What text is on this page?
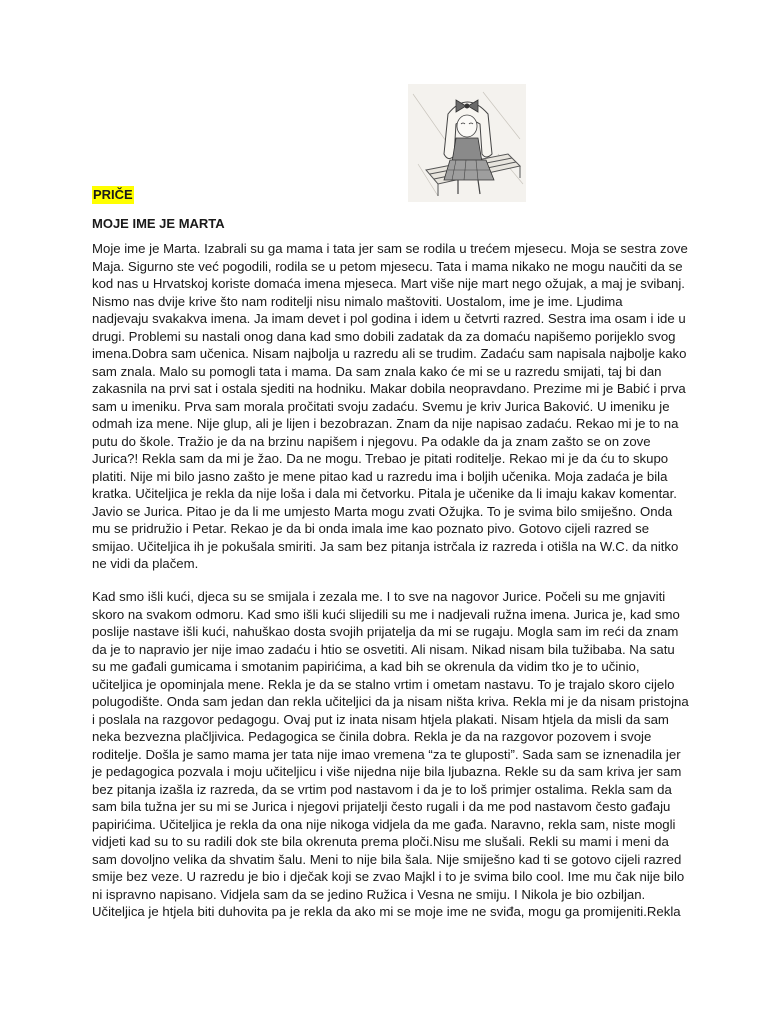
PRIČE
MOJE IME JE MARTA

Moje ime je Marta. Izabrali su ga mama i tata jer sam se rodila u trećem mjesecu. Moja se sestra zove
Maja. Sigurno ste već pogodili, rodila se u petom mjesecu. Tata i mama nikako ne mogu naučiti da se
kod nas u Hrvatskoj koriste domaća imena mjeseca. Mart više nije mart nego ožujak, a maj je svibanj.
Nismo nas dvije krive što nam roditelji nisu nimalo maštoviti. Uostalom, ime je ime. Ljudima
nadjevaju svakakva imena. Ja imam devet i pol godina i idem u četvrti razred. Sestra ima osam i ide u
drugi. Problemi su nastali onog dana kad smo dobili zadatak da za domaću napišemo porijeklo svog
imena.Dobra sam učenica. Nisam najbolja u razredu ali se trudim. Zadaću sam napisala najbolje kako
sam znala. Malo su pomogli tata i mama. Da sam znala kako će mi se u razredu smijati, taj bi dan
zakasnila na prvi sat i ostala sjediti na hodniku. Makar dobila neopravdano. Prezime mi je Babić i prva
sam u imeniku. Prva sam morala pročitati svoju zadaću. Svemu je kriv Jurica Baković. U imeniku je
odmah iza mene. Nije glup, ali je lijen i bezobrazan. Znam da nije napisao zadaću. Rekao mi je to na
putu do škole. Tražio je da na brzinu napišem i njegovu. Pa odakle da ja znam zašto se on zove
Jurica?! Rekla sam da mi je žao. Da ne mogu. Trebao je pitati roditelje. Rekao mi je da ću to skupo
platiti. Nije mi bilo jasno zašto je mene pitao kad u razredu ima i boljih učenika. Moja zadaća je bila
kratka. Učiteljica je rekla da nije loša i dala mi četvorku. Pitala je učenike da li imaju kakav komentar.
Javio se Jurica. Pitao je da li me umjesto Marta mogu zvati Ožujka. To je svima bilo smiješno. Onda
mu se pridružio i Petar. Rekao je da bi onda imala ime kao poznato pivo. Gotovo cijeli razred se
smijao. Učiteljica ih je pokušala smiriti. Ja sam bez pitanja istrčala iz razreda i otišla na W.C. da nitko
ne vidi da plačem.

Kad smo išli kući, djeca su se smijala i zezala me. I to sve na nagovor Jurice. Počeli su me gnjaviti
skoro na svakom odmoru. Kad smo išli kući slijedili su me i nadjevali ružna imena. Jurica je, kad smo
poslije nastave išli kući, nahuškao dosta svojih prijatelja da mi se rugaju. Mogla sam im reći da znam
da je to napravio jer nije imao zadaću i htio se osvetiti. Ali nisam. Nikad nisam bila tužibaba. Na satu
su me gađali gumicama i smotanim papirićima, a kad bih se okrenula da vidim tko je to učinio,
učiteljica je opominjala mene. Rekla je da se stalno vrtim i ometam nastavu. To je trajalo skoro cijelo
polugodište. Onda sam jedan dan rekla učiteljici da ja nisam ništa kriva. Rekla mi je da nisam pristojna
i poslala na razgovor pedagogu. Ovaj put iz inata nisam htjela plakati. Nisam htjela da misli da sam
neka bezvezna plačljivica. Pedagogica se činila dobra. Rekla je da na razgovor pozovem i svoje
roditelje. Došla je samo mama jer tata nije imao vremena “za te gluposti”. Sada sam se iznenadila jer
je pedagogica pozvala i moju učiteljicu i više nijedna nije bila ljubazna. Rekle su da sam kriva jer sam
bez pitanja izašla iz razreda, da se vrtim pod nastavom i da je to loš primjer ostalima. Rekla sam da
sam bila tužna jer su mi se Jurica i njegovi prijatelji često rugali i da me pod nastavom često gađaju
papirićima. Učiteljica je rekla da ona nije nikoga vidjela da me gađa. Naravno, rekla sam, niste mogli
vidjeti kad su to su radili dok ste bila okrenuta prema ploči.Nisu me slušali. Rekli su mami i meni da
sam dovoljno velika da shvatim šalu. Meni to nije bila šala. Nije smiješno kad ti se gotovo cijeli razred
smije bez veze. U razredu je bio i dječak koji se zvao Majkl i to je svima bilo cool. Ime mu čak nije bilo
ni ispravno napisano. Vidjela sam da se jedino Ružica i Vesna ne smiju. I Nikola je bio ozbiljan.
Učiteljica je htjela biti duhovita pa je rekla da ako mi se moje ime ne sviđa, mogu ga promijeniti.Rekla
